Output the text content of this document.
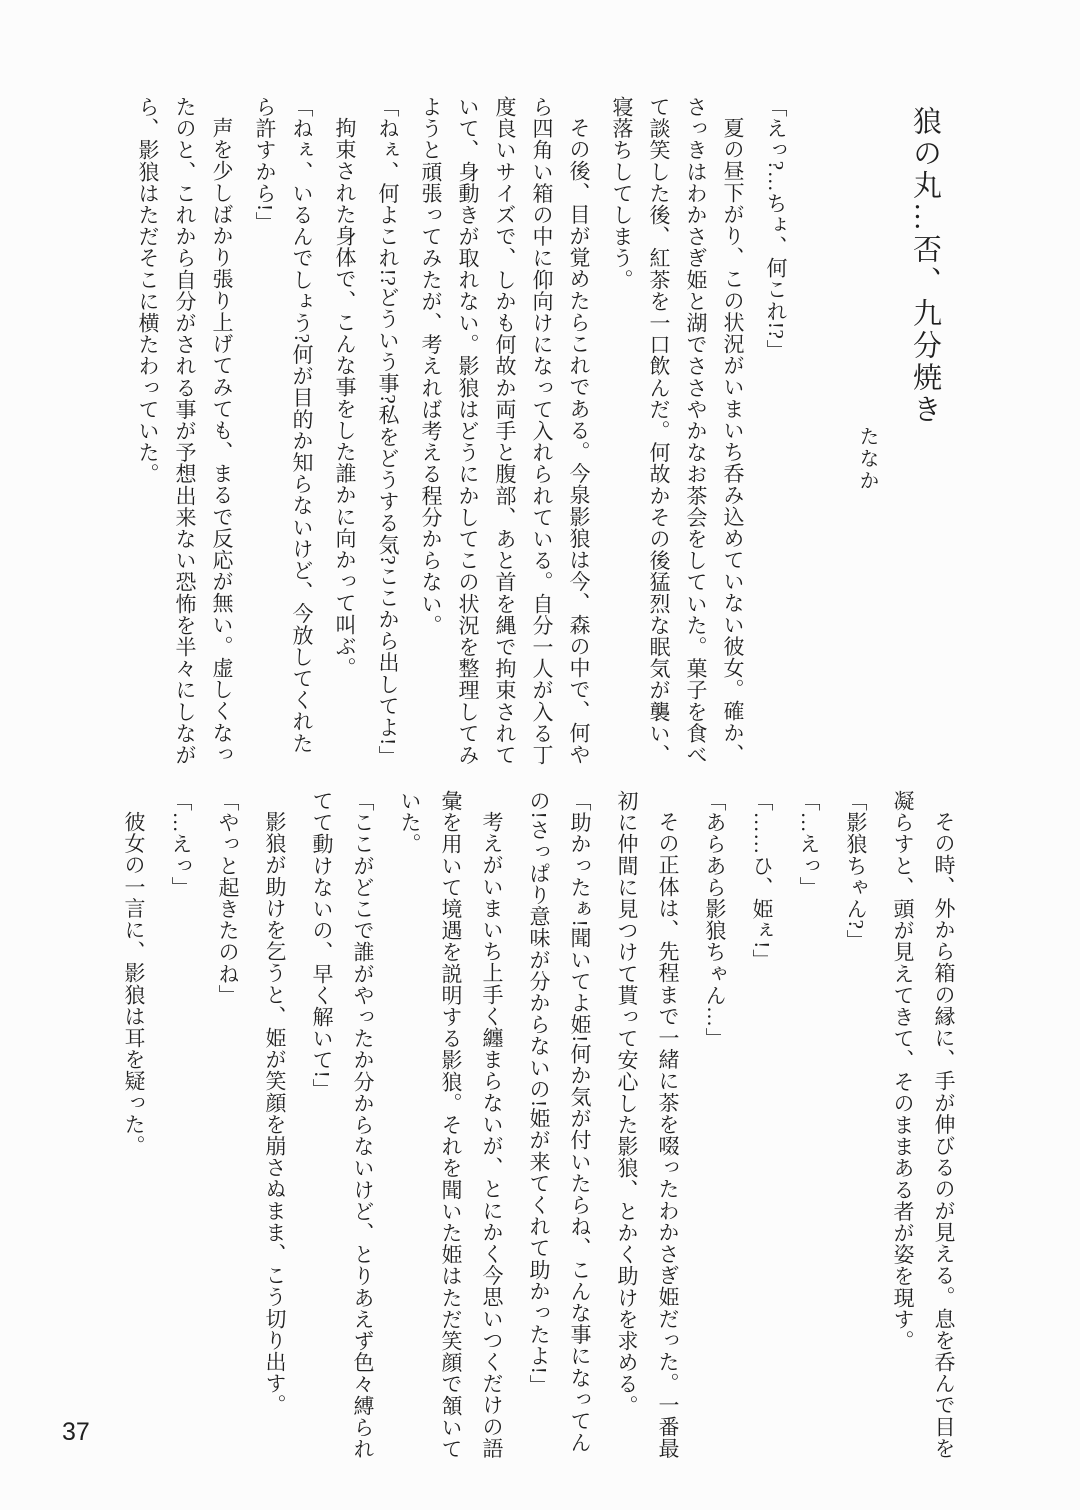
狼の丸…否、九分焼き
たなか

「えっ?…ちょ、何これ!?」

夏の昼下がり、この状況がいまいち呑み込めていない彼女。確か、さっきはわかさぎ姫と湖でささやかなお茶会をしていた。菓子を食べて談笑した後、紅茶を一口飲んだ。何故かその後猛烈な眠気が襲い、寝落ちしてしまう。

その後、目が覚めたらこれである。今泉影狼は今、森の中で、何やら四角い箱の中に仰向けになって入れられている。自分一人が入る丁度良いサイズで、しかも何故か両手と腹部、あと首を縄で拘束されていて、身動きが取れない。影狼はどうにかしてこの状況を整理してみようと頑張ってみたが、考えれば考える程分からない。

「ねぇ、何よこれ!?どういう事?私をどうする気?ここから出してよ!」

拘束された身体で、こんな事をした誰かに向かって叫ぶ。

「ねぇ、いるんでしょう?何が目的か知らないけど、今放してくれたら許すから!」

声を少しばかり張り上げてみても、まるで反応が無い。虚しくなったのと、これから自分がされる事が予想出来ない恐怖を半々にしながら、影狼はただそこに横たわっていた。

その時、外から箱の縁に、手が伸びるのが見える。息を呑んで目を凝らすと、頭が見えてきて、そのままある者が姿を現す。

「影狼ちゃん?」

「…えっ」

「……ひ、姫ぇ!」

「あらあら影狼ちゃん…」

その正体は、先程まで一緒に茶を啜ったわかさぎ姫だった。一番最初に仲間に見つけて貰って安心した影狼、とかく助けを求める。

「助かったぁ!聞いてよ姫!何か気が付いたらね、こんな事になってんの!さっぱり意味が分からないの!姫が来てくれて助かったよ!」

考えがいまいち上手く纏まらないが、とにかく今思いつくだけの語彙を用いて境遇を説明する影狼。それを聞いた姫はただ笑顔で頷いていた。

「ここがどこで誰がやったか分からないけど、とりあえず色々縛られてて動けないの、早く解いて!」

影狼が助けを乞うと、姫が笑顔を崩さぬまま、こう切り出す。

「やっと起きたのね」

「…えっ」

彼女の一言に、影狼は耳を疑った。

37
